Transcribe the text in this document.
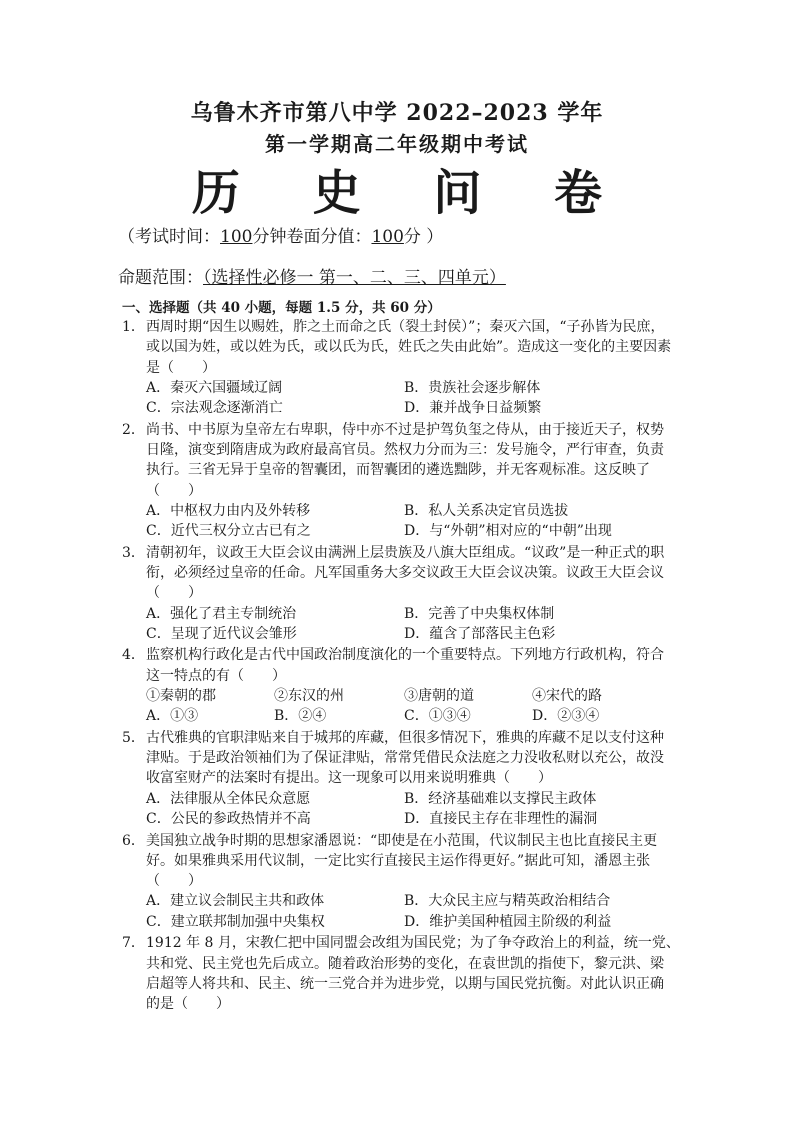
乌鲁木齐市第八中学 2022–2023 学年
第一学期高二年级期中考试
历 史 问 卷
（考试时间：100分钟卷面分值：100分 ）
命题范围：（选择性必修一 第一、二、三、四单元）
一、选择题（共 40 小题，每题 1.5 分，共 60 分）
1． 西周时期“因生以赐姓，胙之土而命之氏（裂土封侯）”；秦灭六国，“子孙皆为民庶，
或以国为姓，或以姓为氏，或以氏为氏，姓氏之失由此始”。造成这一变化的主要因素
是（　　）
A．秦灭六国疆域辽阔	B．贵族社会逐步解体
C．宗法观念逐渐消亡	D．兼并战争日益频繁
2． 尚书、中书原为皇帝左右卑职，侍中亦不过是护驾负玺之侍从，由于接近天子，权势
日隆，演变到隋唐成为政府最高官员。然权力分而为三：发号施令，严行审查，负责
执行。三省无异于皇帝的智囊团，而智囊团的遴选黜陟，并无客观标准。这反映了
（　　）
A．中枢权力由内及外转移	B．私人关系决定官员选拔
C．近代三权分立古已有之	D．与“外朝”相对应的“中朝”出现
3． 清朝初年，议政王大臣会议由满洲上层贵族及八旗大臣组成。“议政”是一种正式的职
衔，必须经过皇帝的任命。凡军国重务大多交议政王大臣会议决策。议政王大臣会议
（　　）
A．强化了君主专制统治	B．完善了中央集权体制
C．呈现了近代议会雏形	D．蕴含了部落民主色彩
4． 监察机构行政化是古代中国政治制度演化的一个重要特点。下列地方行政机构，符合
这一特点的有（　　）
①秦朝的郡	②东汉的州	③唐朝的道	④宋代的路
A．①③	B．②④	C．①③④	D．②③④
5． 古代雅典的官职津贴来自于城邦的库藏，但很多情况下，雅典的库藏不足以支付这种
津贴。于是政治领袖们为了保证津贴，常常凭借民众法庭之力没收私财以充公，故没
收富室财产的法案时有提出。这一现象可以用来说明雅典（　　）
A．法律服从全体民众意愿	B．经济基础难以支撑民主政体
C．公民的参政热情并不高	D．直接民主存在非理性的漏洞
6． 美国独立战争时期的思想家潘恩说：“即使是在小范围，代议制民主也比直接民主更
好。如果雅典采用代议制，一定比实行直接民主运作得更好。”据此可知，潘恩主张
（　　）
A．建立议会制民主共和政体	B．大众民主应与精英政治相结合
C．建立联邦制加强中央集权	D．维护美国种植园主阶级的利益
7． 1912 年 8 月，宋教仁把中国同盟会改组为国民党；为了争夺政治上的利益，统一党、
共和党、民主党也先后成立。随着政治形势的变化，在袁世凯的指使下，黎元洪、梁
启超等人将共和、民主、统一三党合并为进步党，以期与国民党抗衡。对此认识正确
的是（　　）
